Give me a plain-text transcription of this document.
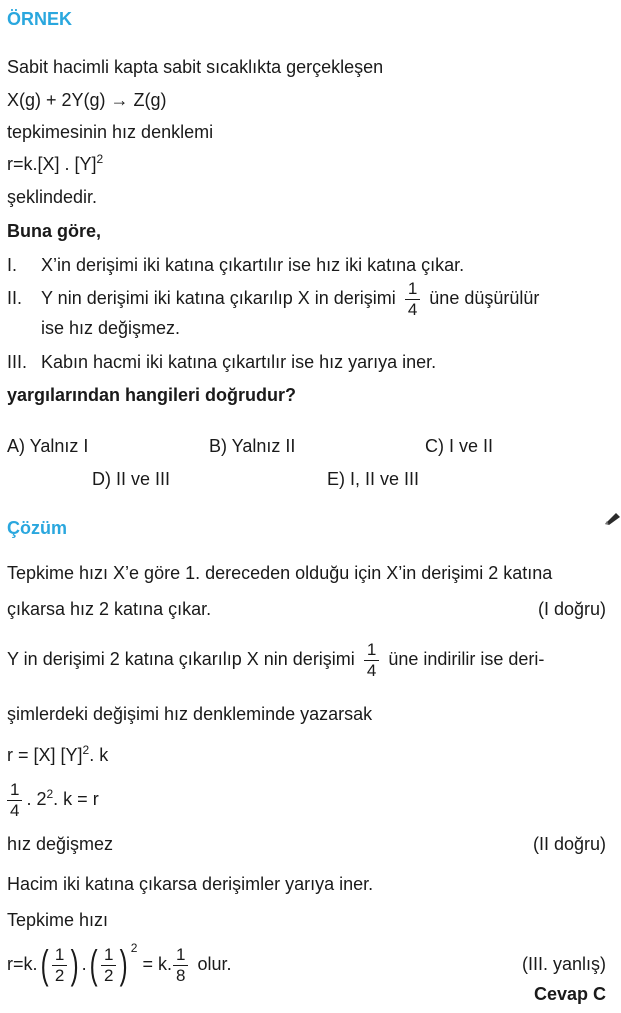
ÖRNEK
Sabit hacimli kapta sabit sıcaklıkta gerçekleşen
X(g) + 2Y(g) → Z(g)
tepkimesinin hız denklemi
r=k.[X] . $[Y]^2$
şeklindedir.
Buna göre,
I. X’in derişimi iki katına çıkartılır ise hız iki katına çıkar.
II. Y nin derişimi iki katına çıkarılıp X in derişimi $\frac{1}{4}$ üne düşürülür
ise hız değişmez.
III. Kabın hacmi iki katına çıkartılır ise hız yarıya iner.
yargılarından hangileri doğrudur?
A) Yalnız I	B) Yalnız II	C) I ve II
D) II ve III	E) I, II ve III
Çözüm
Tepkime hızı X’e göre 1. dereceden olduğu için X’in derişimi 2 katına
çıkarsa hız 2 katına çıkar.	(I doğru)
Y in derişimi 2 katına çıkarılıp X nin derişimi $\frac{1}{4}$ üne indirilir ise deri-
şimlerdeki değişimi hız denkleminde yazarsak
r = [X] $[Y]^2$. k
$\frac{1}{4}$ . $2^2$. k = r
hız değişmez	(II doğru)
Hacim iki katına çıkarsa derişimler yarıya iner.
Tepkime hızı
r=k. ( $\frac{1}{2}$ ) . ( $\frac{1}{2}$ ) $^2$ = k. $\frac{1}{8}$ olur.	(III. yanlış)
Cevap C
